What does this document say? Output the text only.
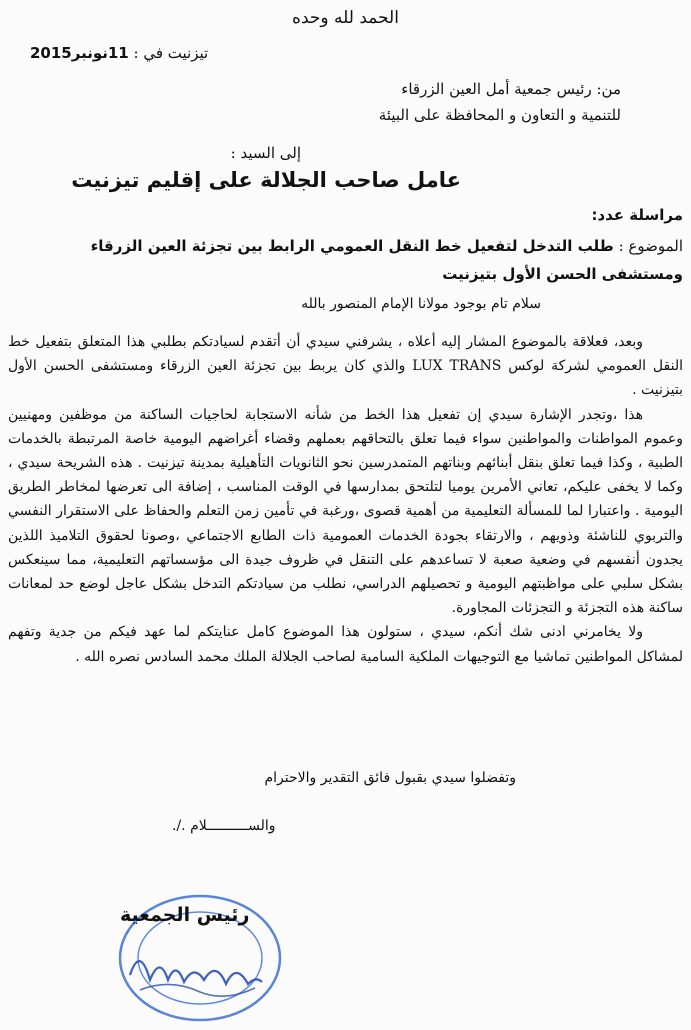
الحمد لله وحده
تيزنيت في : 11نونبر2015
من: رئيس جمعية أمل العين الزرقاء
للتنمية و التعاون و المحافظة على البيئة
إلى السيد :
عامل صاحب الجلالة على إقليم تيزنيت
مراسلة عدد:
الموضوع : طلب التدخل لتفعيل خط النقل العمومي الرابط بين تجزئة العين الزرقاء ومستشفى الحسن الأول بتيزنيت
سلام تام بوجود مولانا الإمام المنصور بالله

وبعد، فعلاقة بالموضوع المشار إليه أعلاه ، يشرفني سيدي أن أتقدم لسيادتكم بطلبي هذا المتعلق بتفعيل خط النقل العمومي لشركة لوكس LUX TRANS والذي كان يربط بين تجزئة العين الزرقاء ومستشفى الحسن الأول بتيزنيت .

هذا ،وتجدر الإشارة سيدي إن تفعيل هذا الخط من شأنه الاستجابة لحاجيات الساكنة من موظفين ومهنيين وعموم المواطنات والمواطنين سواء فيما تعلق بالتحاقهم بعملهم وقضاء أغراضهم اليومية خاصة المرتبطة بالخدمات الطبية ، وكذا فيما تعلق بنقل أبنائهم وبناتهم المتمدرسين نحو الثانويات التأهيلية بمدينة تيزنيت . هذه الشريحة سيدي ، وكما لا يخفى عليكم، تعاني الأمرين يوميا لتلتحق بمدارسها في الوقت المناسب ، إضافة الى تعرضها لمخاطر الطريق اليومية . واعتبارا لما للمسألة التعليمية من أهمية قصوى ،ورغبة في تأمين زمن التعلم والحفاظ على الاستقرار النفسي والتربوي للناشئة وذويهم ، والارتقاء بجودة الخدمات العمومية ذات الطابع الاجتماعي ،وصونا لحقوق التلاميذ اللذين يجدون أنفسهم في وضعية صعبة لا تساعدهم على التنقل في ظروف جيدة الى مؤسساتهم التعليمية، مما سينعكس بشكل سلبي على مواظبتهم اليومية و تحصيلهم الدراسي، نطلب من سيادتكم التدخل بشكل عاجل لوضع حد لمعانات ساكنة هذه التجزئة و التجزئات المجاورة.

ولا يخامرني ادنى شك أنكم، سيدي ، ستولون هذا الموضوع كامل عنايتكم لما عهد فيكم من جدية وتفهم لمشاكل المواطنين تماشيا مع التوجيهات الملكية السامية لصاحب الجلالة الملك محمد السادس نصره الله .

وتفضلوا سيدي بقبول فائق التقدير والاحترام
والســــــــــلام ./.
رئيس الجمعية
